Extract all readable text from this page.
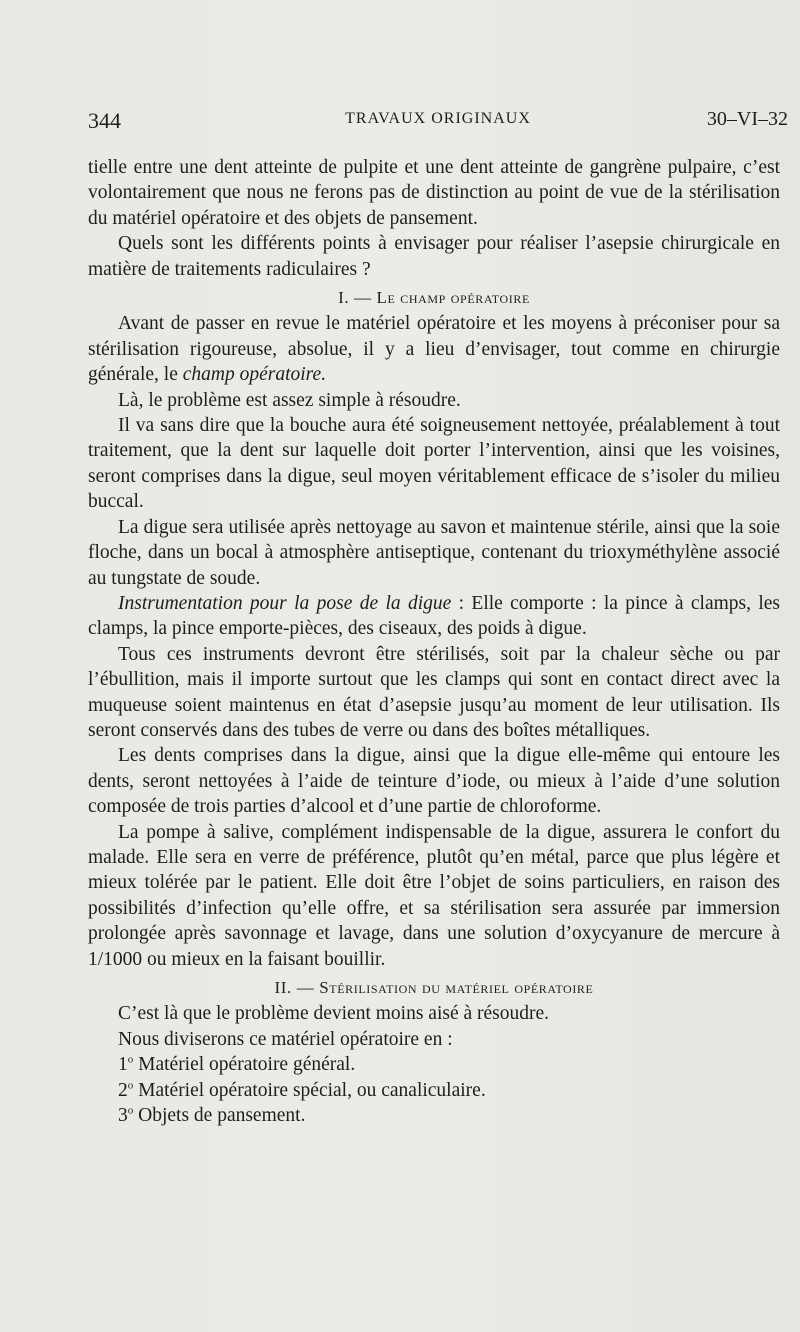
344	TRAVAUX ORIGINAUX	30–VI–32

tielle entre une dent atteinte de pulpite et une dent atteinte de gangrène pulpaire, c’est volontairement que nous ne ferons pas de distinction au point de vue de la stérilisation du matériel opératoire et des objets de pansement.

Quels sont les différents points à envisager pour réaliser l’asepsie chirurgicale en matière de traitements radiculaires ?

I. — Le champ opératoire

Avant de passer en revue le matériel opératoire et les moyens à préconiser pour sa stérilisation rigoureuse, absolue, il y a lieu d’envisager, tout comme en chirurgie générale, le champ opératoire.

Là, le problème est assez simple à résoudre.

Il va sans dire que la bouche aura été soigneusement nettoyée, préalablement à tout traitement, que la dent sur laquelle doit porter l’intervention, ainsi que les voisines, seront comprises dans la digue, seul moyen véritablement efficace de s’isoler du milieu buccal.

La digue sera utilisée après nettoyage au savon et maintenue stérile, ainsi que la soie floche, dans un bocal à atmosphère antiseptique, contenant du trioxyméthylène associé au tungstate de soude.

Instrumentation pour la pose de la digue : Elle comporte : la pince à clamps, les clamps, la pince emporte-pièces, des ciseaux, des poids à digue.

Tous ces instruments devront être stérilisés, soit par la chaleur sèche ou par l’ébullition, mais il importe surtout que les clamps qui sont en contact direct avec la muqueuse soient maintenus en état d’asepsie jusqu’au moment de leur utilisation. Ils seront conservés dans des tubes de verre ou dans des boîtes métalliques.

Les dents comprises dans la digue, ainsi que la digue elle-même qui entoure les dents, seront nettoyées à l’aide de teinture d’iode, ou mieux à l’aide d’une solution composée de trois parties d’alcool et d’une partie de chloroforme.

La pompe à salive, complément indispensable de la digue, assurera le confort du malade. Elle sera en verre de préférence, plutôt qu’en métal, parce que plus légère et mieux tolérée par le patient. Elle doit être l’objet de soins particuliers, en raison des possibilités d’infection qu’elle offre, et sa stérilisation sera assurée par immersion prolongée après savonnage et lavage, dans une solution d’oxycyanure de mercure à 1/1000 ou mieux en la faisant bouillir.

II. — Stérilisation du matériel opératoire

C’est là que le problème devient moins aisé à résoudre.

Nous diviserons ce matériel opératoire en :

1$^o$ Matériel opératoire général.

2$^o$ Matériel opératoire spécial, ou canaliculaire.

3$^o$ Objets de pansement.
